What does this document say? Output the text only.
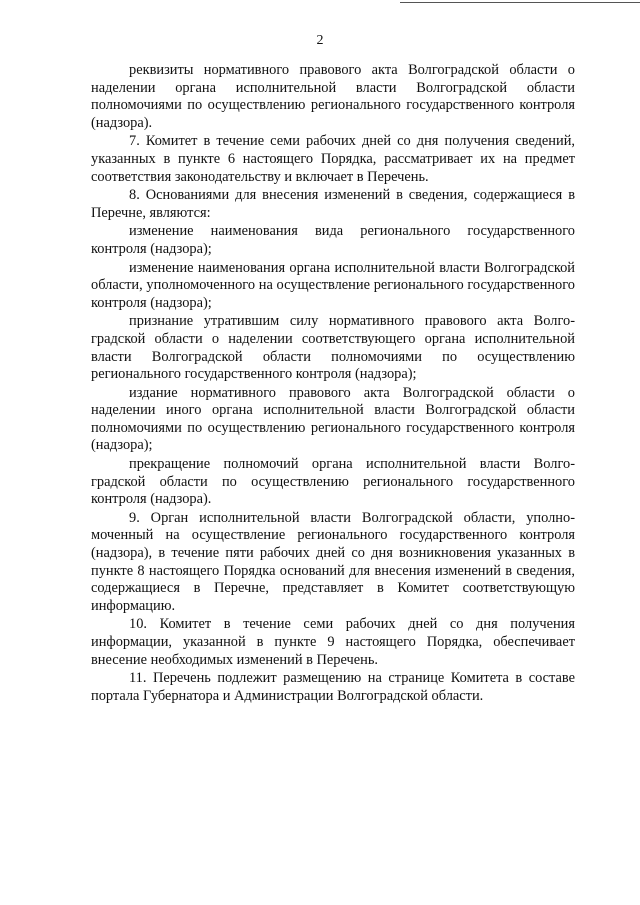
2

реквизиты нормативного правового акта Волгоградской области о наделении органа исполнительной власти Волгоградской области полномочиями по осуществлению регионального государственного контроля (надзора).

7. Комитет в течение семи рабочих дней со дня получения сведений, указанных в пункте 6 настоящего Порядка, рассматривает их на предмет соответствия законодательству и включает в Перечень.

8. Основаниями для внесения изменений в сведения, содержащиеся в Перечне, являются:

изменение наименования вида регионального государственного контроля (надзора);

изменение наименования органа исполнительной власти Волгоградской области, уполномоченного на осуществление регионального государственного контроля (надзора);

признание утратившим силу нормативного правового акта Волгоградской области о наделении соответствующего органа исполнительной власти Волгоградской области полномочиями по осуществлению регионального государственного контроля (надзора);

издание нормативного правового акта Волгоградской области о наделении иного органа исполнительной власти Волгоградской области полномочиями по осуществлению регионального государственного контроля (надзора);

прекращение полномочий органа исполнительной власти Волгоградской области по осуществлению регионального государственного контроля (надзора).

9. Орган исполнительной власти Волгоградской области, уполномоченный на осуществление регионального государственного контроля (надзора), в течение пяти рабочих дней со дня возникновения указанных в пункте 8 настоящего Порядка оснований для внесения изменений в сведения, содержащиеся в Перечне, представляет в Комитет соответствующую информацию.

10. Комитет в течение семи рабочих дней со дня получения информации, указанной в пункте 9 настоящего Порядка, обеспечивает внесение необходимых изменений в Перечень.

11. Перечень подлежит размещению на странице Комитета в составе портала Губернатора и Администрации Волгоградской области.
